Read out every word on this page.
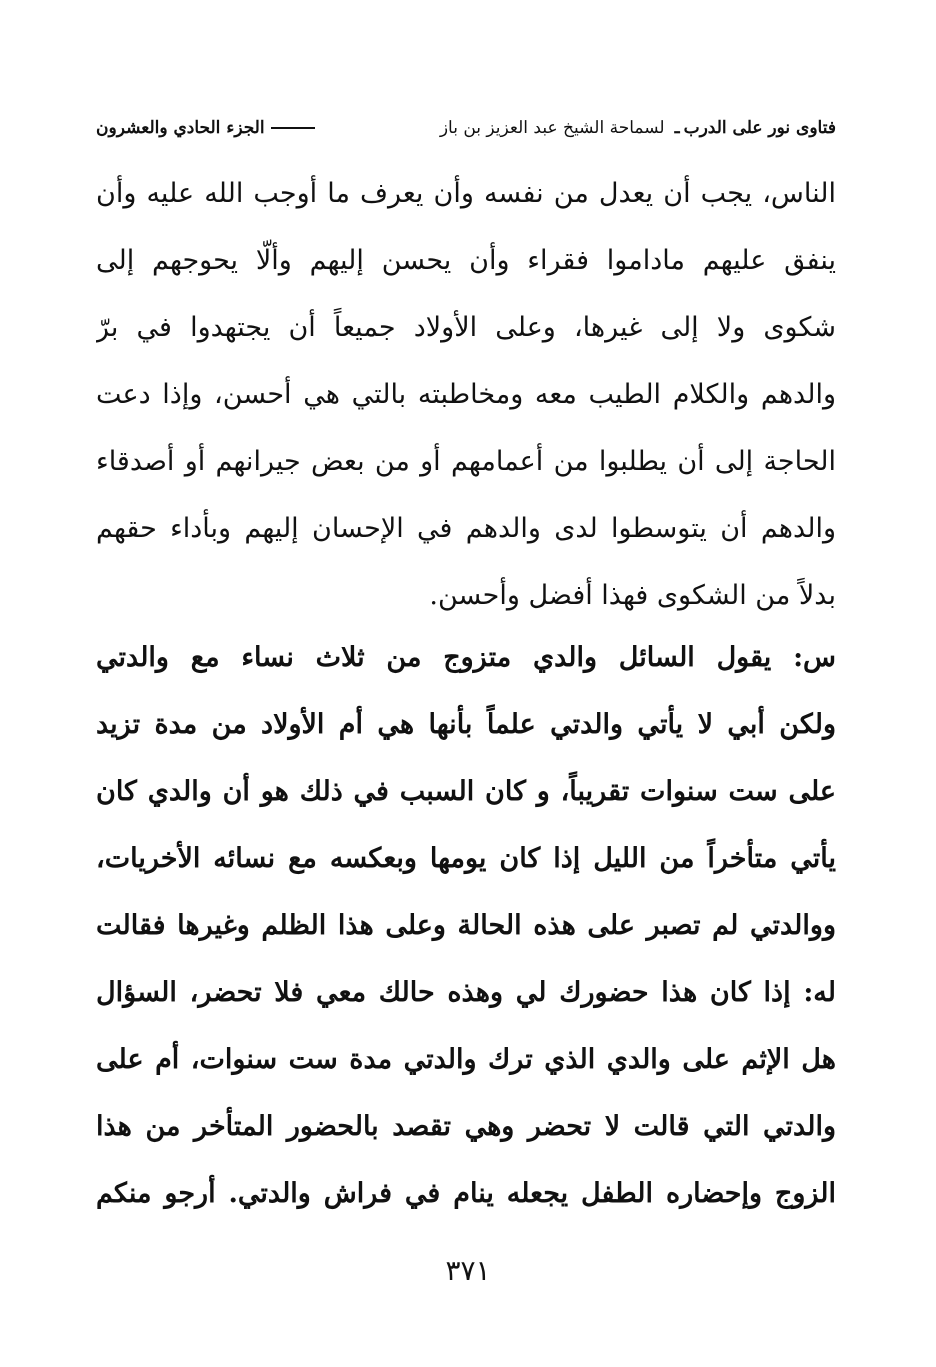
فتاوى نور على الدرب
ـ
لسماحة الشيخ عبد العزيز بن باز
الجزء الحادي والعشرون
الناس، يجب أن يعدل من نفسه وأن يعرف ما أوجب الله عليه وأن
ينفق عليهم ماداموا فقراء وأن يحسن إليهم وألّا يحوجهم إلى
شكوى ولا إلى غيرها، وعلى الأولاد جميعاً أن يجتهدوا في برّ
والدهم والكلام الطيب معه ومخاطبته بالتي هي أحسن، وإذا دعت
الحاجة إلى أن يطلبوا من أعمامهم أو من بعض جيرانهم أو أصدقاء
والدهم أن يتوسطوا لدى والدهم في الإحسان إليهم وبأداء حقهم
بدلاً من الشكوى فهذا أفضل وأحسن.
س: يقول السائل والدي متزوج من ثلاث نساء مع والدتي
ولكن أبي لا يأتي والدتي علماً بأنها هي أم الأولاد من مدة تزيد
على ست سنوات تقريباً، و كان السبب في ذلك هو أن والدي كان
يأتي متأخراً من الليل إذا كان يومها وبعكسه مع نسائه الأخريات،
ووالدتي لم تصبر على هذه الحالة وعلى هذا الظلم وغيرها فقالت
له: إذا كان هذا حضورك لي وهذه حالك معي فلا تحضر، السؤال
هل الإثم على والدي الذي ترك والدتي مدة ست سنوات، أم على
والدتي التي قالت لا تحضر وهي تقصد بالحضور المتأخر من هذا
الزوج وإحضاره الطفل يجعله ينام في فراش والدتي. أرجو منكم
٣٧١
